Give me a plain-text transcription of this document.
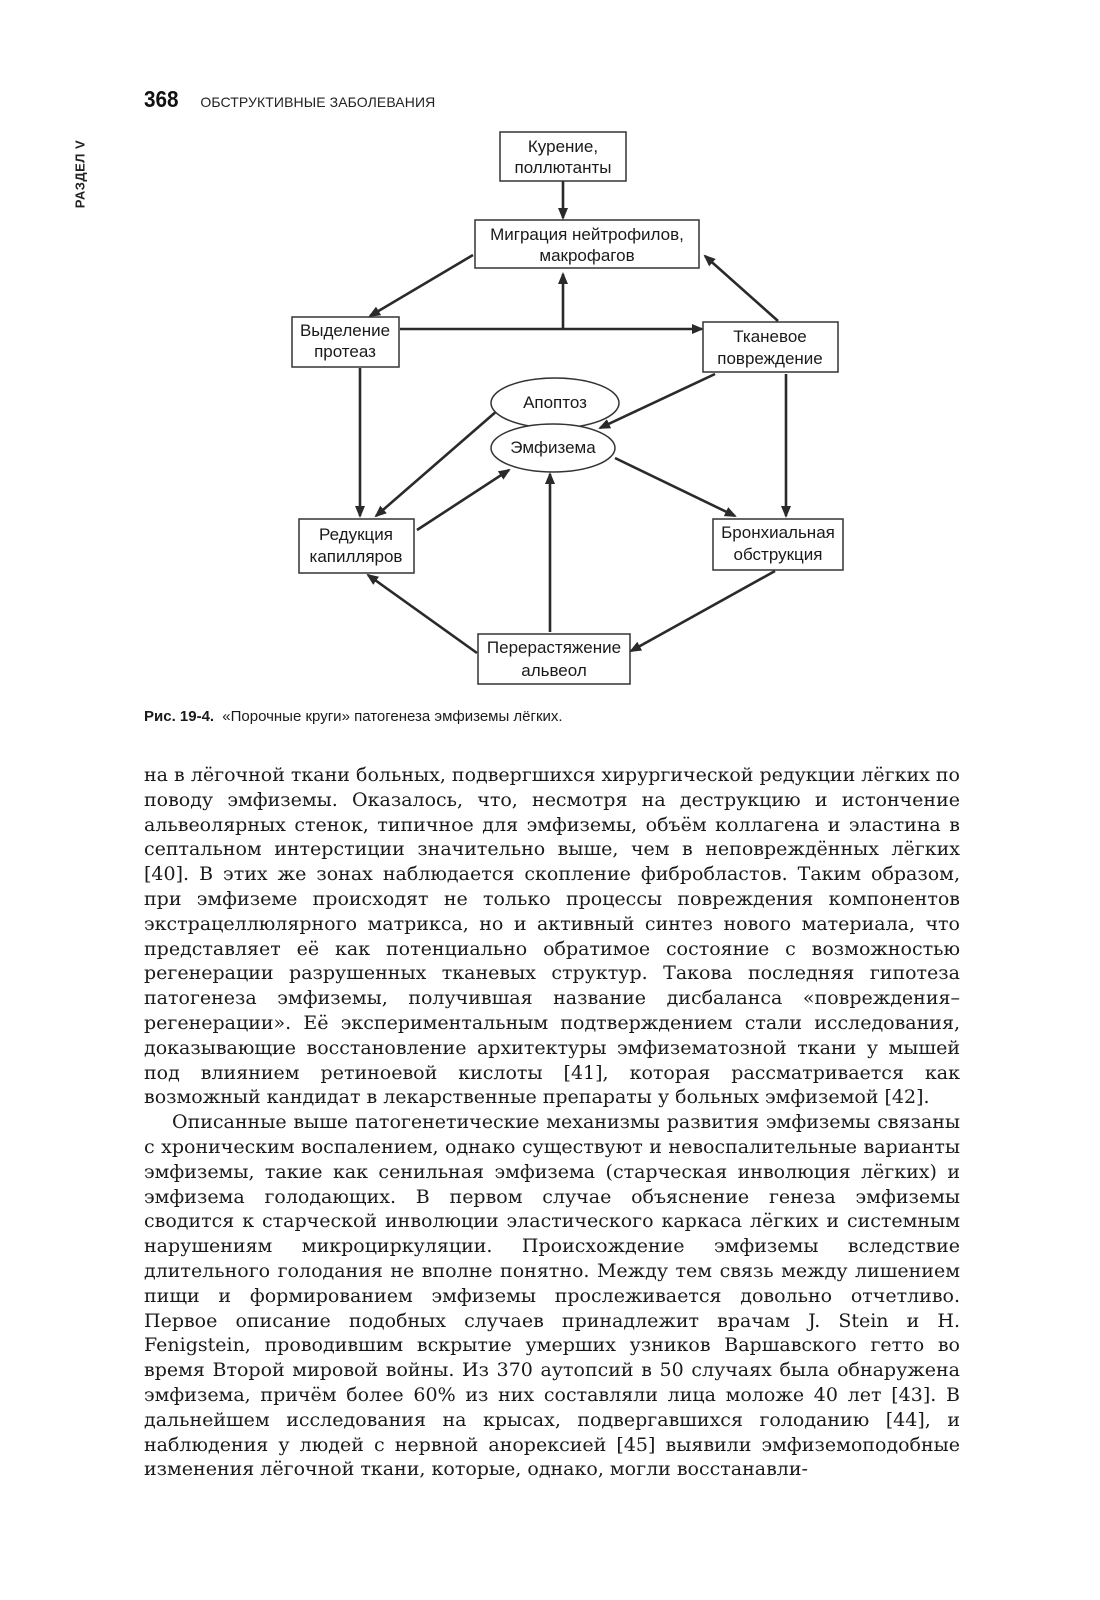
РАЗДЕЛ V
368 ОБСТРУКТИВНЫЕ ЗАБОЛЕВАНИЯ
Курение,
поллютанты
Миграция нейтрофилов,
макрофагов
Выделение
протеаз
Тканевое
повреждение
Апоптоз
Эмфизема
Редукция
капилляров
Бронхиальная
обструкция
Перерастяжение
альвеол
Рис. 19-4. «Порочные круги» патогенеза эмфиземы лёгких.

на в лёгочной ткани больных, подвергшихся хирургической редукции лёгких по поводу эмфиземы. Оказалось, что, несмотря на деструкцию и истончение альвеолярных стенок, типичное для эмфиземы, объём коллагена и эластина в септальном интерстиции значительно выше, чем в неповреждённых лёгких [40]. В этих же зонах наблюдается скопление фибробластов. Таким образом, при эмфиземе происходят не только процессы повреждения компонентов экстрацеллюлярного матрикса, но и активный синтез нового материала, что представляет её как потенциально обратимое состояние с возможностью регенерации разрушенных тканевых структур. Такова последняя гипотеза патогенеза эмфиземы, получившая название дисбаланса «повреждения–регенерации». Её экспериментальным подтверждением стали исследования, доказывающие восстановление архитектуры эмфизематозной ткани у мышей под влиянием ретиноевой кислоты [41], которая рассматривается как возможный кандидат в лекарственные препараты у больных эмфиземой [42].

Описанные выше патогенетические механизмы развития эмфиземы связаны с хроническим воспалением, однако существуют и невоспалительные варианты эмфиземы, такие как сенильная эмфизема (старческая инволюция лёгких) и эмфизема голодающих. В первом случае объяснение генеза эмфиземы сводится к старческой инволюции эластического каркаса лёгких и системным нарушениям микроциркуляции. Происхождение эмфиземы вследствие длительного голодания не вполне понятно. Между тем связь между лишением пищи и формированием эмфиземы прослеживается довольно отчетливо. Первое описание подобных случаев принадлежит врачам J. Stein и H. Fenigstein, проводившим вскрытие умерших узников Варшавского гетто во время Второй мировой войны. Из 370 аутопсий в 50 случаях была обнаружена эмфизема, причём более 60% из них составляли лица моложе 40 лет [43]. В дальнейшем исследования на крысах, подвергавшихся голоданию [44], и наблюдения у людей с нервной анорексией [45] выявили эмфиземоподобные изменения лёгочной ткани, которые, однако, могли восстанавли-
